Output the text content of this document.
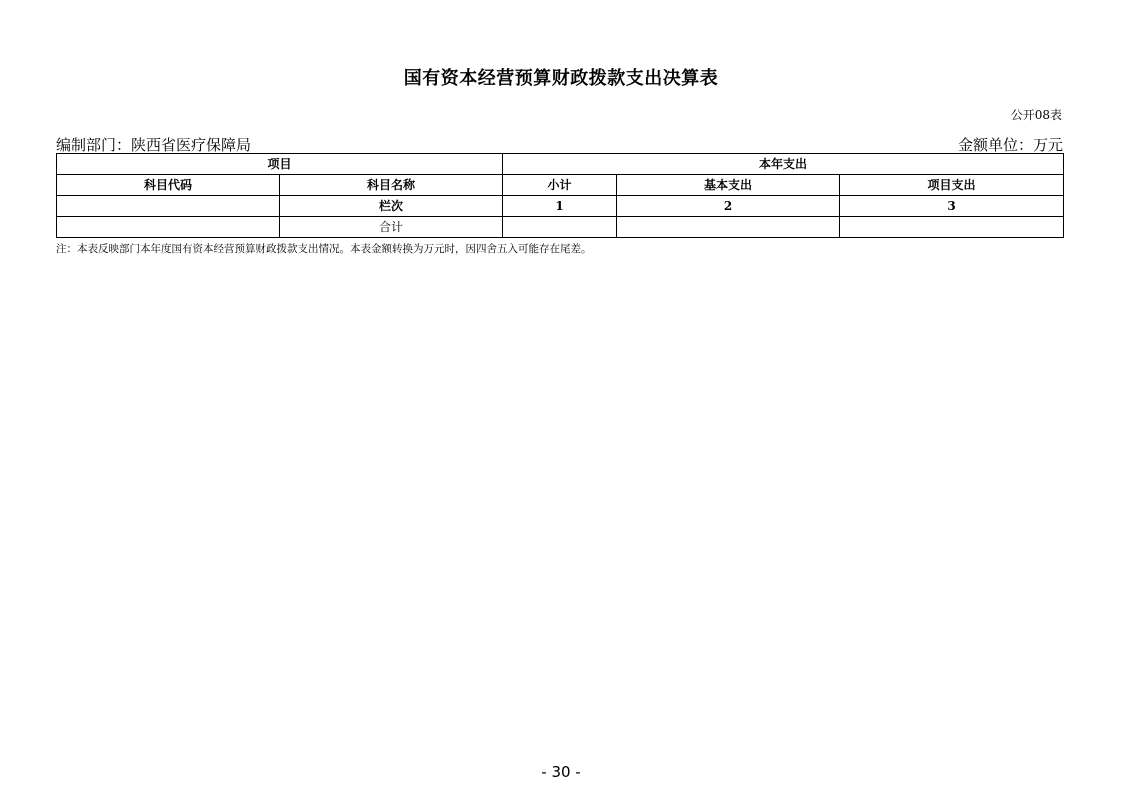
国有资本经营预算财政拨款支出决算表
公开08表
编制部门：陕西省医疗保障局	金额单位：万元
项目		本年支出		
科目代码	科目名称	小计	基本支出	项目支出
	栏次	1	2	3
	合计			
注：本表反映部门本年度国有资本经营预算财政拨款支出情况。本表金额转换为万元时，因四舍五入可能存在尾差。
- 30 -
